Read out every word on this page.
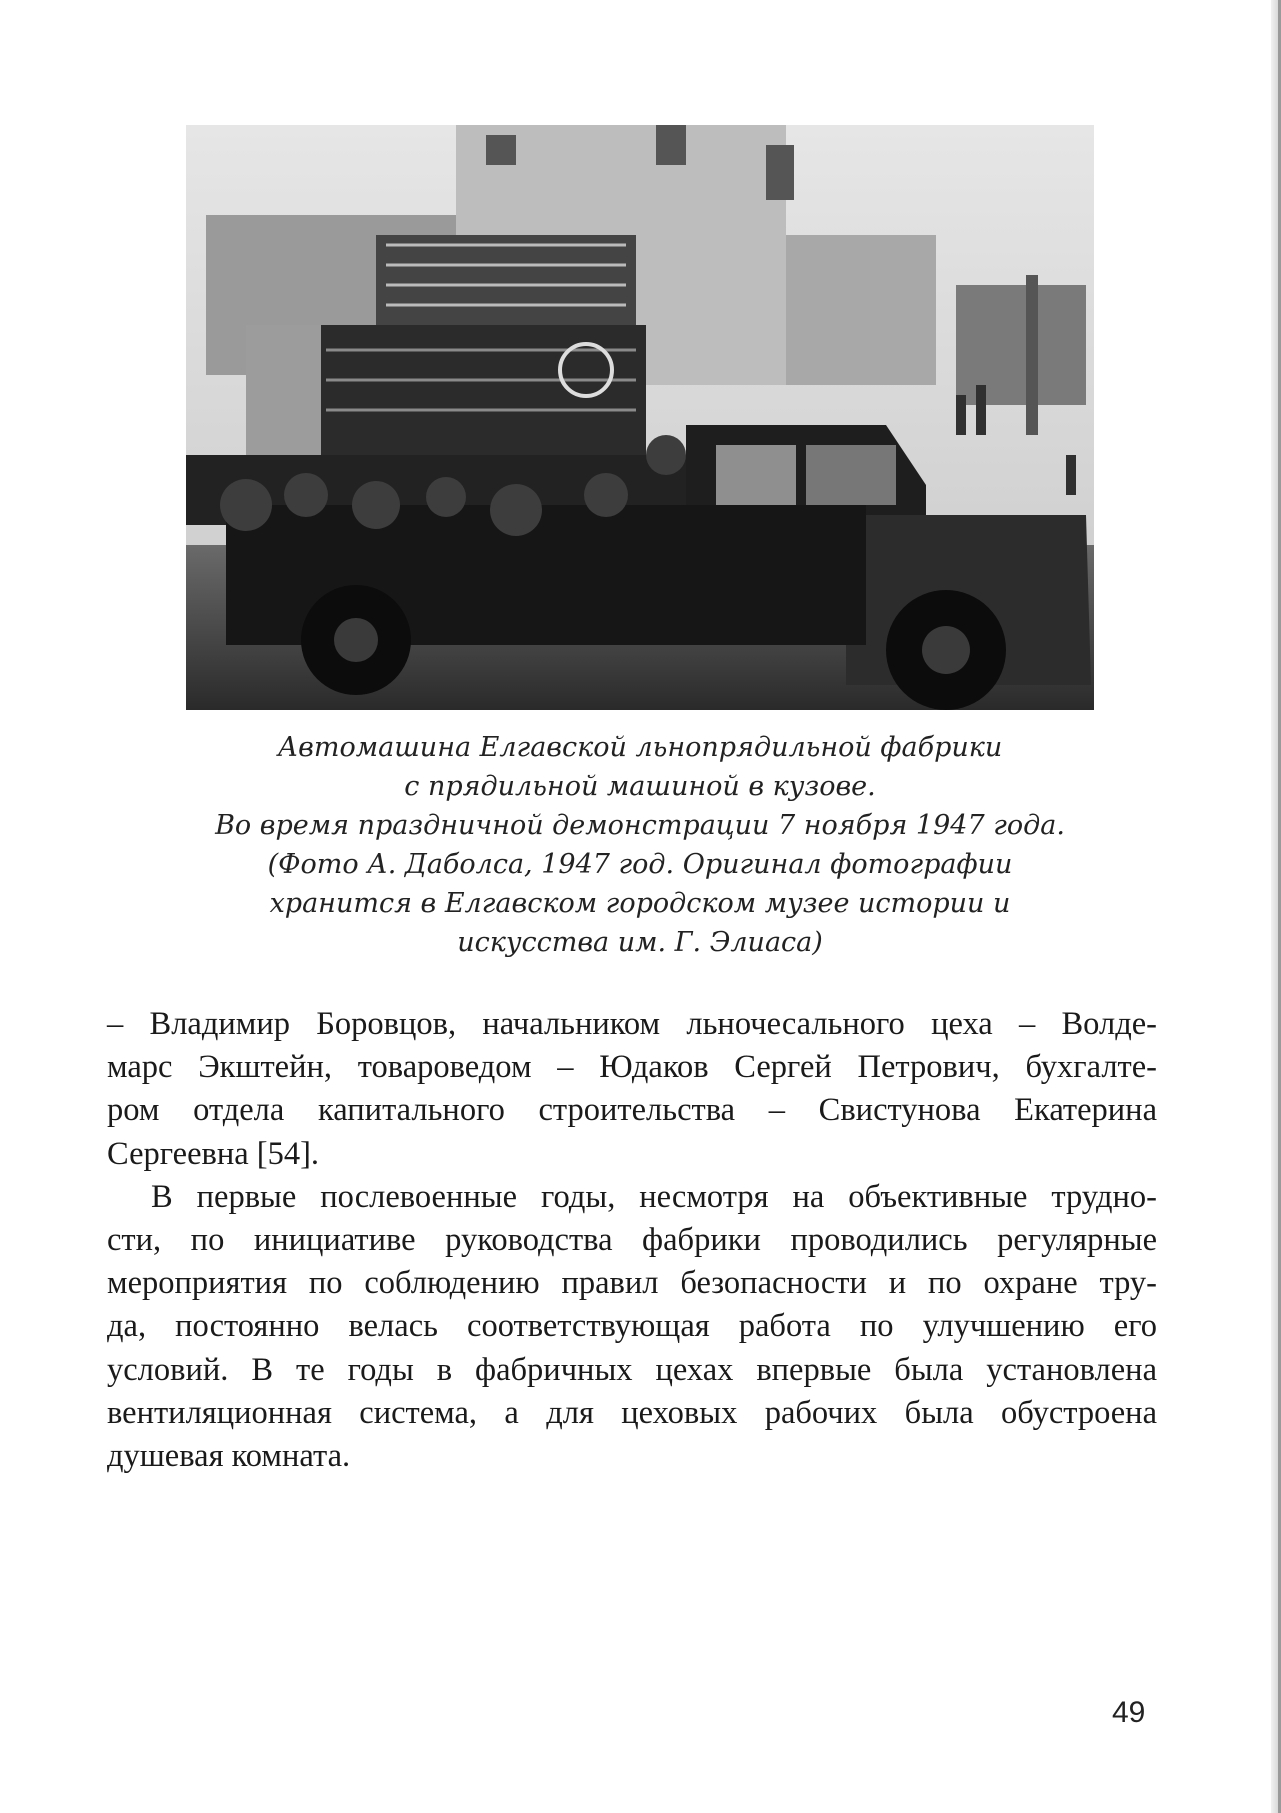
Автомашина Елгавской льнопрядильной фабрики
с прядильной машиной в кузове.
Во время праздничной демонстрации 7 ноября 1947 года.
(Фото А. Даболса, 1947 год. Оригинал фотографии
хранится в Елгавском городском музее истории и
искусства им. Г. Элиаса)

– Владимир Боровцов, начальником льночесального цеха – Волде-
марс Экштейн, товароведом – Юдаков Сергей Петрович, бухгалте-
ром отдела капитального строительства – Свистунова Екатерина
Сергеевна [54].

В первые послевоенные годы, несмотря на объективные трудно-
сти, по инициативе руководства фабрики проводились регулярные
мероприятия по соблюдению правил безопасности и по охране тру-
да, постоянно велась соответствующая работа по улучшению его
условий. В те годы в фабричных цехах впервые была установлена
вентиляционная система, а для цеховых рабочих была обустроена
душевая комната.

49
